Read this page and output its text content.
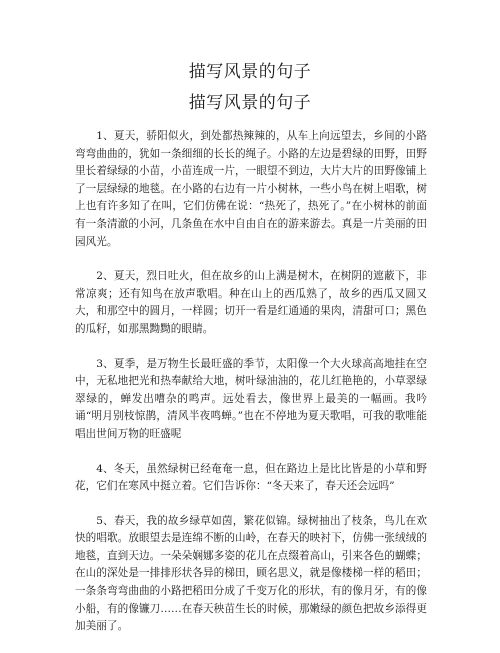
描写风景的句子
描写风景的句子

1、夏天，骄阳似火，到处都热辣辣的，从车上向远望去，乡间的小路弯弯曲曲的，犹如一条细细的长长的绳子。小路的左边是碧绿的田野，田野里长着绿绿的小苗，小苗连成一片，一眼望不到边，大片大片的田野像铺上了一层绿绿的地毯。在小路的右边有一片小树林，一些小鸟在树上唱歌，树上也有许多知了在叫，它们仿佛在说：“热死了，热死了。”在小树林的前面有一条清澈的小河，几条鱼在水中自由自在的游来游去。真是一片美丽的田园风光。

2、夏天，烈日吐火，但在故乡的山上满是树木，在树阴的遮蔽下，非常凉爽；还有知鸟在放声歌唱。种在山上的西瓜熟了，故乡的西瓜又圆又大，和那空中的圆月，一样圆；切开一看是红通通的果肉，清甜可口；黑色的瓜籽，如那黑黝黝的眼睛。

3、夏季，是万物生长最旺盛的季节，太阳像一个大火球高高地挂在空中，无私地把光和热奉献给大地，树叶绿油油的，花儿红艳艳的，小草翠绿翠绿的，蝉发出嘈杂的鸣声。远处看去，像世界上最美的一幅画。我吟诵“明月别枝惊鹊，清风半夜鸣蝉。”也在不停地为夏天歌唱，可我的歌唯能唱出世间万物的旺盛呢

4、冬天，虽然绿树已经奄奄一息，但在路边上是比比皆是的小草和野花，它们在寒风中挺立着。它们告诉你：“冬天来了，春天还会远吗”

5、春天，我的故乡绿草如茵，繁花似锦。绿树抽出了枝条，鸟儿在欢快的唱歌。放眼望去是连绵不断的山岭，在春天的映衬下，仿佛一张绒绒的地毯，直到天边。一朵朵娴娜多姿的花儿在点缀着高山，引来各色的蝴蝶；在山的深处是一排排形状各异的梯田，顾名思义，就是像楼梯一样的稻田；一条条弯弯曲曲的小路把稻田分成了千变万化的形状，有的像月牙，有的像小船，有的像镰刀……在春天秧苗生长的时候，那嫩绿的颜色把故乡添得更加美丽了。
